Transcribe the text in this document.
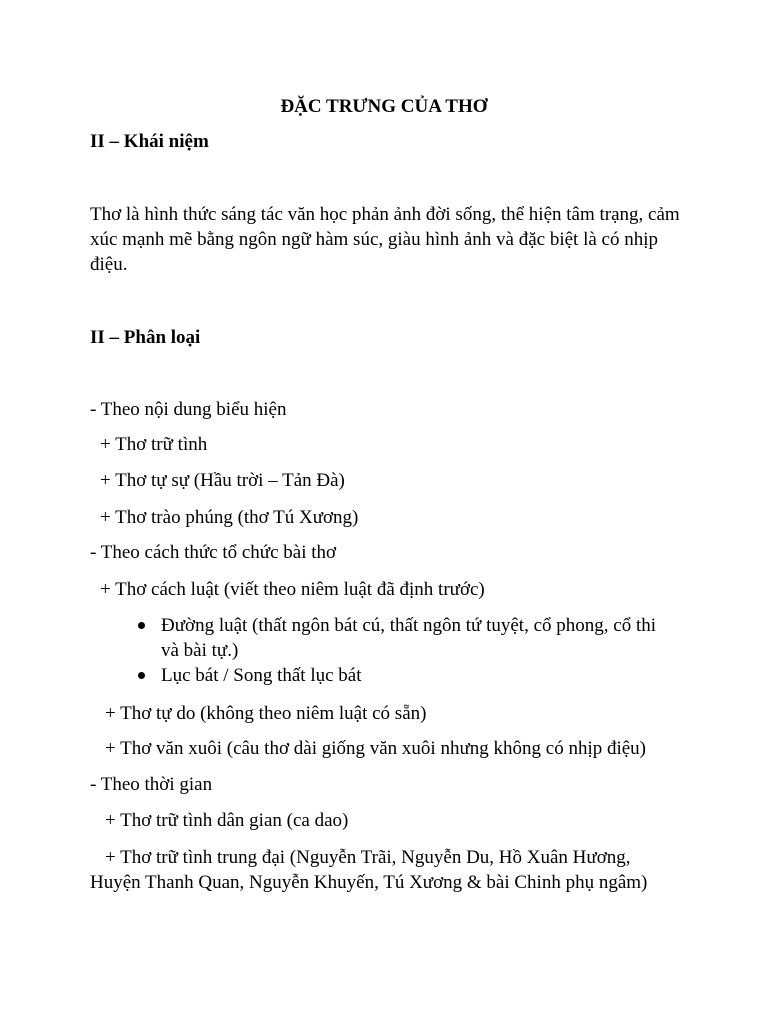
ĐẶC TRƯNG CỦA THƠ
II – Khái niệm
Thơ là hình thức sáng tác văn học phản ảnh đời sống, thể hiện tâm trạng, cảm xúc mạnh mẽ bằng ngôn ngữ hàm súc, giàu hình ảnh và đặc biệt là có nhịp điệu.
II – Phân loại
- Theo nội dung biểu hiện
+ Thơ trữ tình
+ Thơ tự sự (Hầu trời – Tản Đà)
+ Thơ trào phúng (thơ Tú Xương)
- Theo cách thức tổ chức bài thơ
+ Thơ cách luật (viết theo niêm luật đã định trước)
Đường luật (thất ngôn bát cú, thất ngôn tứ tuyệt, cổ phong, cổ thi và bài tự.)
Lục bát / Song thất lục bát
+ Thơ tự do (không theo niêm luật có sẵn)
+ Thơ văn xuôi (câu thơ dài giống văn xuôi nhưng không có nhịp điệu)
- Theo thời gian
+ Thơ trữ tình dân gian (ca dao)
+ Thơ trữ tình trung đại (Nguyễn Trãi, Nguyễn Du, Hồ Xuân Hương, Huyện Thanh Quan, Nguyễn Khuyến, Tú Xương & bài Chinh phụ ngâm)
